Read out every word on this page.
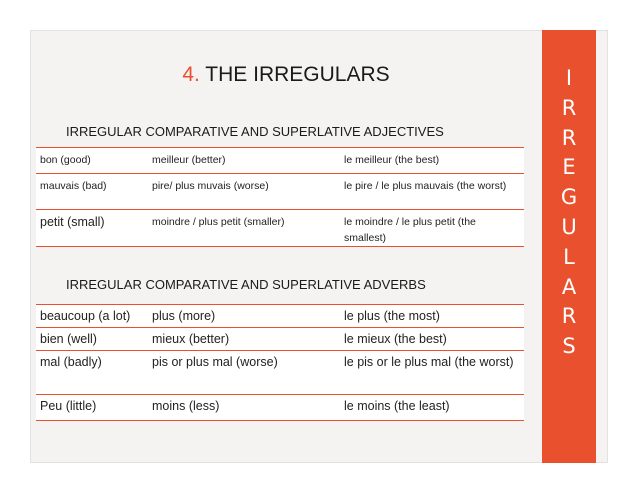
4. THE IRREGULARS	I
R
R
E
G
U
L
A
R
S
IRREGULAR COMPARATIVE AND SUPERLATIVE ADJECTIVES
bon (good)	meilleur (better)	le meilleur (the best)
mauvais (bad)	pire/ plus muvais (worse)	le pire / le plus mauvais (the worst)
petit (small)	moindre / plus petit (smaller)	le moindre / le plus petit (the smallest)
IRREGULAR COMPARATIVE AND SUPERLATIVE ADVERBS
beaucoup (a lot)	plus (more)	le plus (the most)
bien (well)	mieux (better)	le mieux (the best)
mal (badly)	pis or plus mal (worse)	le pis or le plus mal (the worst)
Peu (little)	moins (less)	le moins (the least)
